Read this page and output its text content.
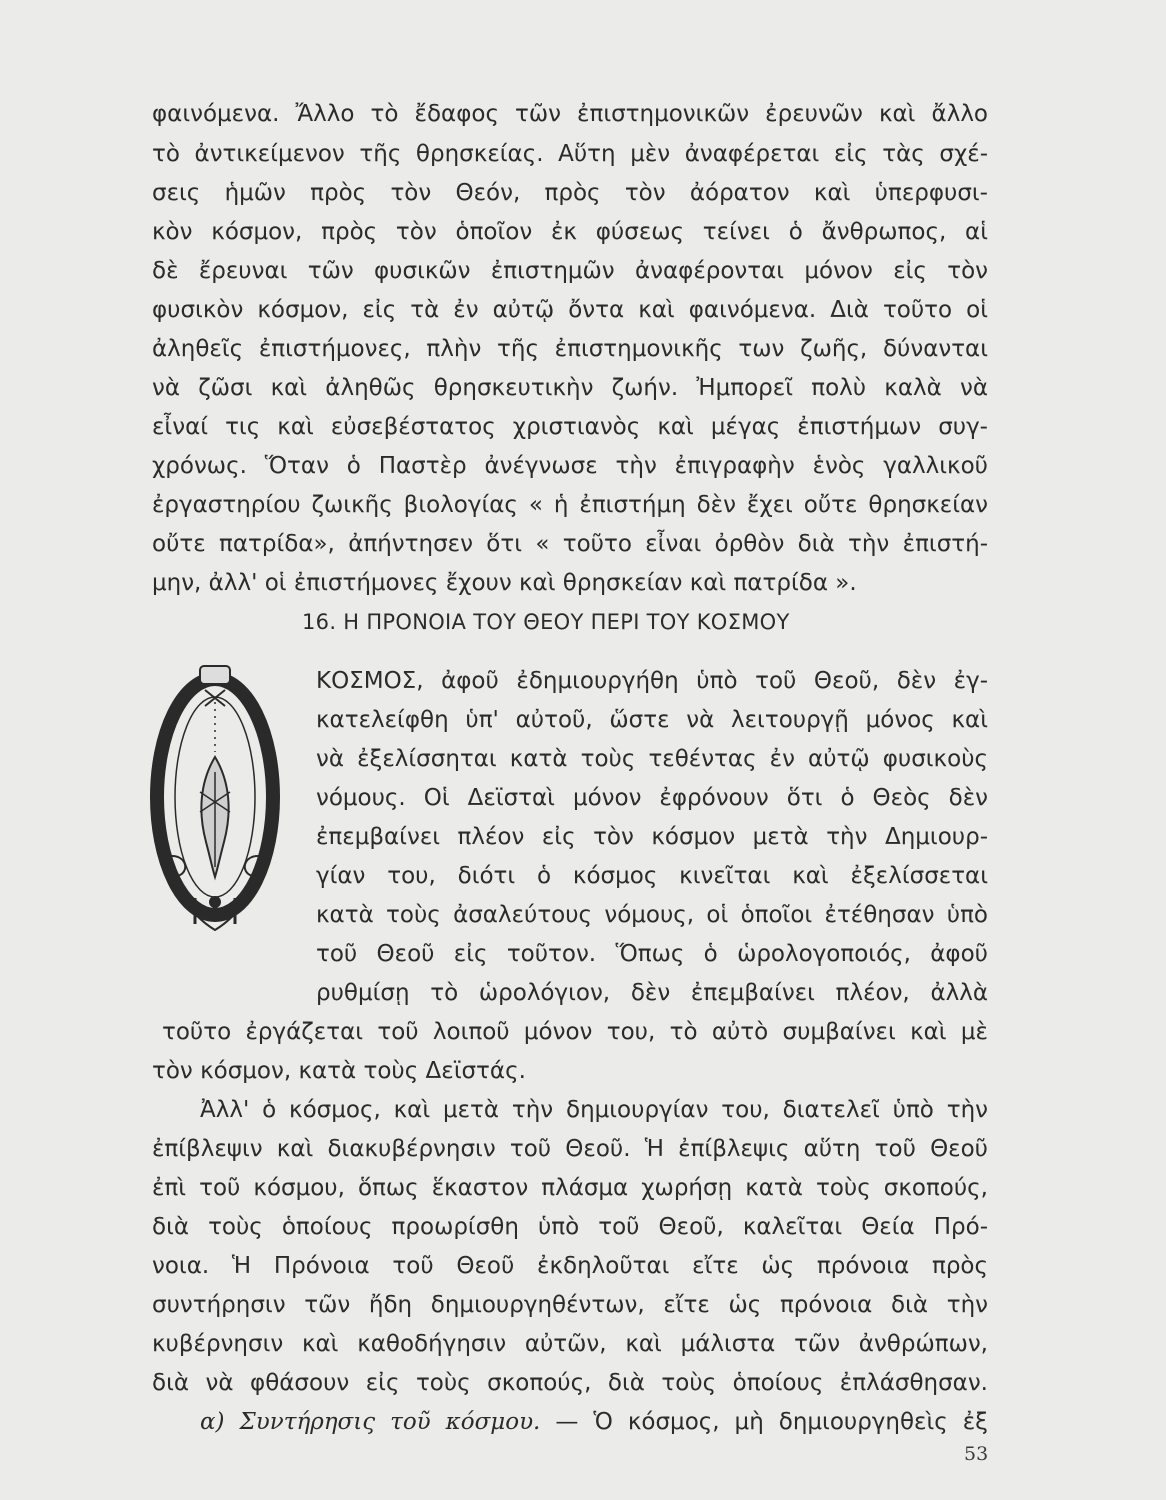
φαινόμενα. Ἄλλο τὸ ἔδαφος τῶν ἐπιστημονικῶν ἐρευνῶν καὶ ἄλλο
τὸ ἀντικείμενον τῆς θρησκείας. Αὕτη μὲν ἀναφέρεται εἰς τὰς σχέ-
σεις ἡμῶν πρὸς τὸν Θεόν, πρὸς τὸν ἀόρατον καὶ ὑπερφυσι-
κὸν κόσμον, πρὸς τὸν ὁποῖον ἐκ φύσεως τείνει ὁ ἄνθρωπος, αἱ
δὲ ἔρευναι τῶν φυσικῶν ἐπιστημῶν ἀναφέρονται μόνον εἰς τὸν
φυσικὸν κόσμον, εἰς τὰ ἐν αὐτῷ ὄντα καὶ φαινόμενα. Διὰ τοῦτο οἱ
ἀληθεῖς ἐπιστήμονες, πλὴν τῆς ἐπιστημονικῆς των ζωῆς, δύνανται
νὰ ζῶσι καὶ ἀληθῶς θρησκευτικὴν ζωήν. Ἠμπορεῖ πολὺ καλὰ νὰ
εἶναί τις καὶ εὐσεβέστατος χριστιανὸς καὶ μέγας ἐπιστήμων συγ-
χρόνως. Ὅταν ὁ Παστὲρ ἀνέγνωσε τὴν ἐπιγραφὴν ἑνὸς γαλλικοῦ
ἐργαστηρίου ζωικῆς βιολογίας « ἡ ἐπιστήμη δὲν ἔχει οὔτε θρησκείαν
οὔτε πατρίδα», ἀπήντησεν ὅτι « τοῦτο εἶναι ὀρθὸν διὰ τὴν ἐπιστή-
μην, ἀλλ' οἱ ἐπιστήμονες ἔχουν καὶ θρησκείαν καὶ πατρίδα ».
16. Η ΠΡΟΝΟΙΑ ΤΟΥ ΘΕΟΥ ΠΕΡΙ ΤΟΥ ΚΟΣΜΟΥ
ΚΟΣΜΟΣ, ἀφοῦ ἐδημιουργήθη ὑπὸ τοῦ Θεοῦ, δὲν ἐγ-
κατελείφθη ὑπ' αὐτοῦ, ὥστε νὰ λειτουργῇ μόνος καὶ
νὰ ἐξελίσσηται κατὰ τοὺς τεθέντας ἐν αὐτῷ φυσικοὺς
νόμους. Οἱ Δεϊσταὶ μόνον ἐφρόνουν ὅτι ὁ Θεὸς δὲν
ἐπεμβαίνει πλέον εἰς τὸν κόσμον μετὰ τὴν Δημιουρ-
γίαν του, διότι ὁ κόσμος κινεῖται καὶ ἐξελίσσεται
κατὰ τοὺς ἀσαλεύτους νόμους, οἱ ὁποῖοι ἐτέθησαν ὑπὸ
τοῦ Θεοῦ εἰς τοῦτον. Ὅπως ὁ ὡρολογοποιός, ἀφοῦ
ρυθμίσῃ τὸ ὡρολόγιον, δὲν ἐπεμβαίνει πλέον, ἀλλὰ
τοῦτο ἐργάζεται τοῦ λοιποῦ μόνον του, τὸ αὐτὸ συμβαίνει καὶ μὲ
τὸν κόσμον, κατὰ τοὺς Δεϊστάς.
Ἀλλ' ὁ κόσμος, καὶ μετὰ τὴν δημιουργίαν του, διατελεῖ ὑπὸ τὴν
ἐπίβλεψιν καὶ διακυβέρνησιν τοῦ Θεοῦ. Ἡ ἐπίβλεψις αὕτη τοῦ Θεοῦ
ἐπὶ τοῦ κόσμου, ὅπως ἕκαστον πλάσμα χωρήσῃ κατὰ τοὺς σκοπούς,
διὰ τοὺς ὁποίους προωρίσθη ὑπὸ τοῦ Θεοῦ, καλεῖται Θεία Πρό-
νοια. Ἡ Πρόνοια τοῦ Θεοῦ ἐκδηλοῦται εἴτε ὡς πρόνοια πρὸς
συντήρησιν τῶν ἤδη δημιουργηθέντων, εἴτε ὡς πρόνοια διὰ τὴν
κυβέρνησιν καὶ καθοδήγησιν αὐτῶν, καὶ μάλιστα τῶν ἀνθρώπων,
διὰ νὰ φθάσουν εἰς τοὺς σκοπούς, διὰ τοὺς ὁποίους ἐπλάσθησαν.
α) Συντήρησις τοῦ κόσμου. — Ὁ κόσμος, μὴ δημιουργηθεὶς ἐξ
53
